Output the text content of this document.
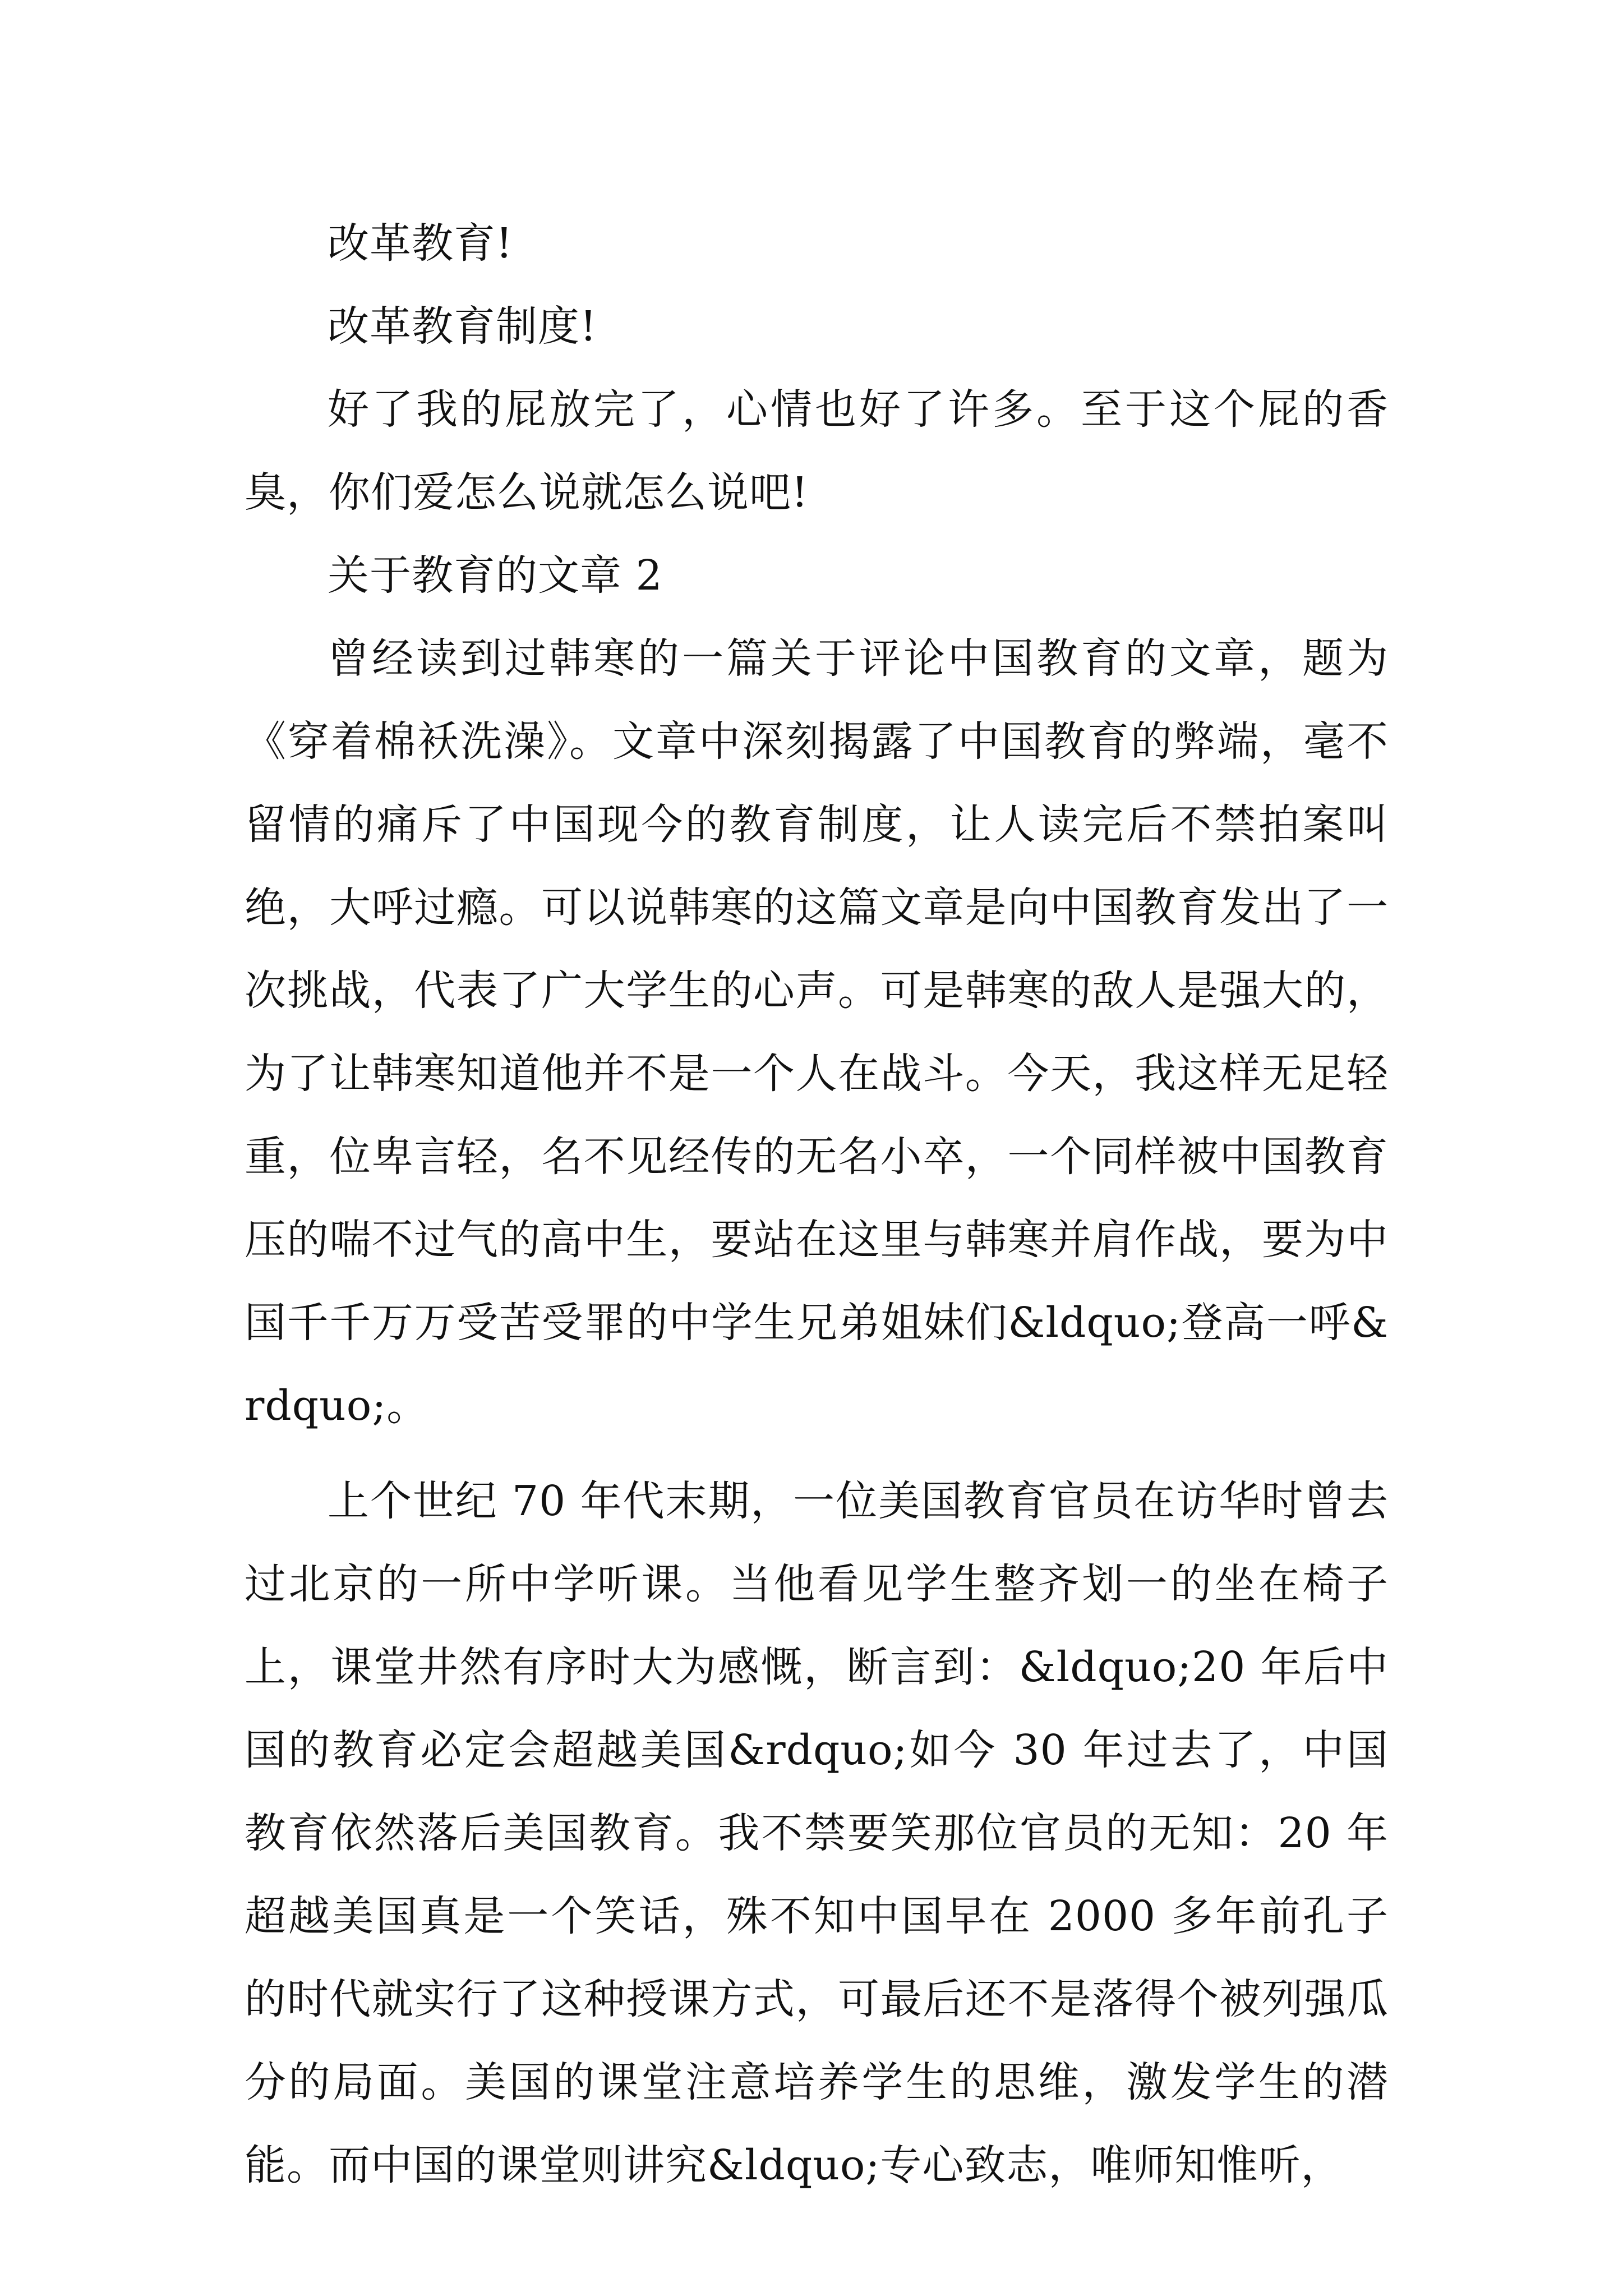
改革教育!

改革教育制度!

好了我的屁放完了，心情也好了许多。至于这个屁的香臭，你们爱怎么说就怎么说吧!

关于教育的文章 2

曾经读到过韩寒的一篇关于评论中国教育的文章，题为《穿着棉袄洗澡》。文章中深刻揭露了中国教育的弊端，毫不留情的痛斥了中国现今的教育制度，让人读完后不禁拍案叫绝，大呼过瘾。可以说韩寒的这篇文章是向中国教育发出了一次挑战，代表了广大学生的心声。可是韩寒的敌人是强大的，为了让韩寒知道他并不是一个人在战斗。今天，我这样无足轻重，位卑言轻，名不见经传的无名小卒，一个同样被中国教育压的喘不过气的高中生，要站在这里与韩寒并肩作战，要为中国千千万万受苦受罪的中学生兄弟姐妹们&ldquo;登高一呼&rdquo;。

上个世纪 70 年代末期，一位美国教育官员在访华时曾去过北京的一所中学听课。当他看见学生整齐划一的坐在椅子上，课堂井然有序时大为感慨，断言到：&ldquo;20 年后中国的教育必定会超越美国&rdquo;如今 30 年过去了，中国教育依然落后美国教育。我不禁要笑那位官员的无知：20 年超越美国真是一个笑话，殊不知中国早在 2000 多年前孔子的时代就实行了这种授课方式，可最后还不是落得个被列强瓜分的局面。美国的课堂注意培养学生的思维，激发学生的潜能。而中国的课堂则讲究&ldquo;专心致志，唯师知惟听，
